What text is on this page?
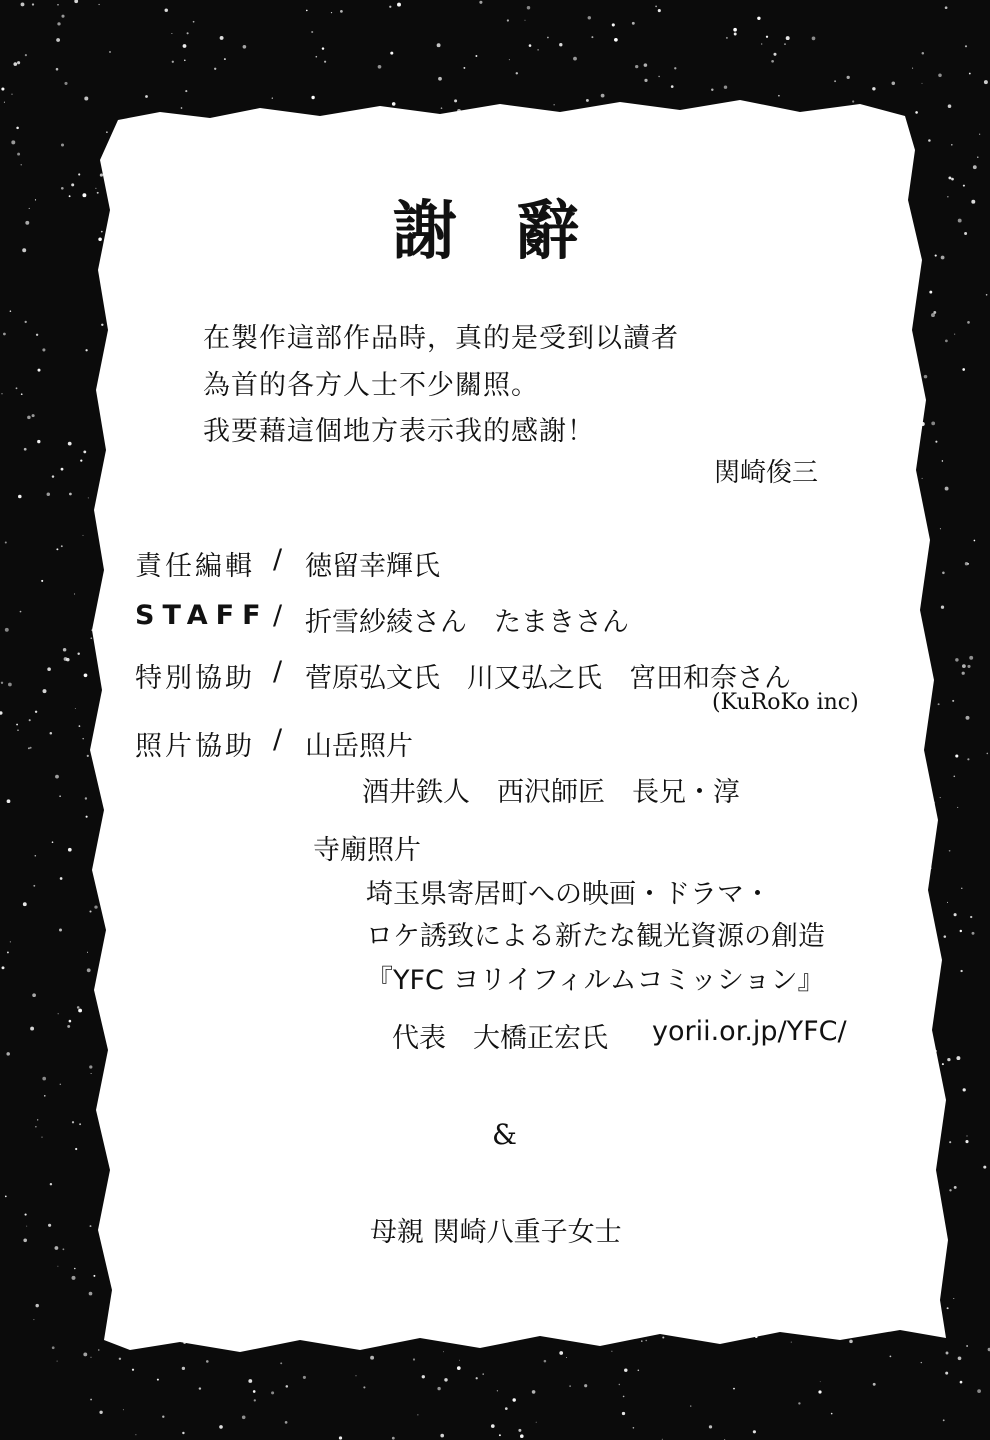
謝 辭
在製作這部作品時，真的是受到以讀者
為首的各方人士不少關照。
我要藉這個地方表示我的感謝！
関崎俊三
責任編輯 / 徳留幸輝氏
STAFF / 折雪紗綾さん　たまきさん
特別協助 / 菅原弘文氏　川又弘之氏　宮田和奈さん
(KuRoKo inc)
照片協助 / 山岳照片
酒井鉄人　西沢師匠　長兄・淳
寺廟照片
埼玉県寄居町への映画・ドラマ・
ロケ誘致による新たな観光資源の創造
『YFC ヨリイフィルムコミッション』
代表　大橋正宏氏 yorii.or.jp/YFC/
&
母親 関崎八重子女士
